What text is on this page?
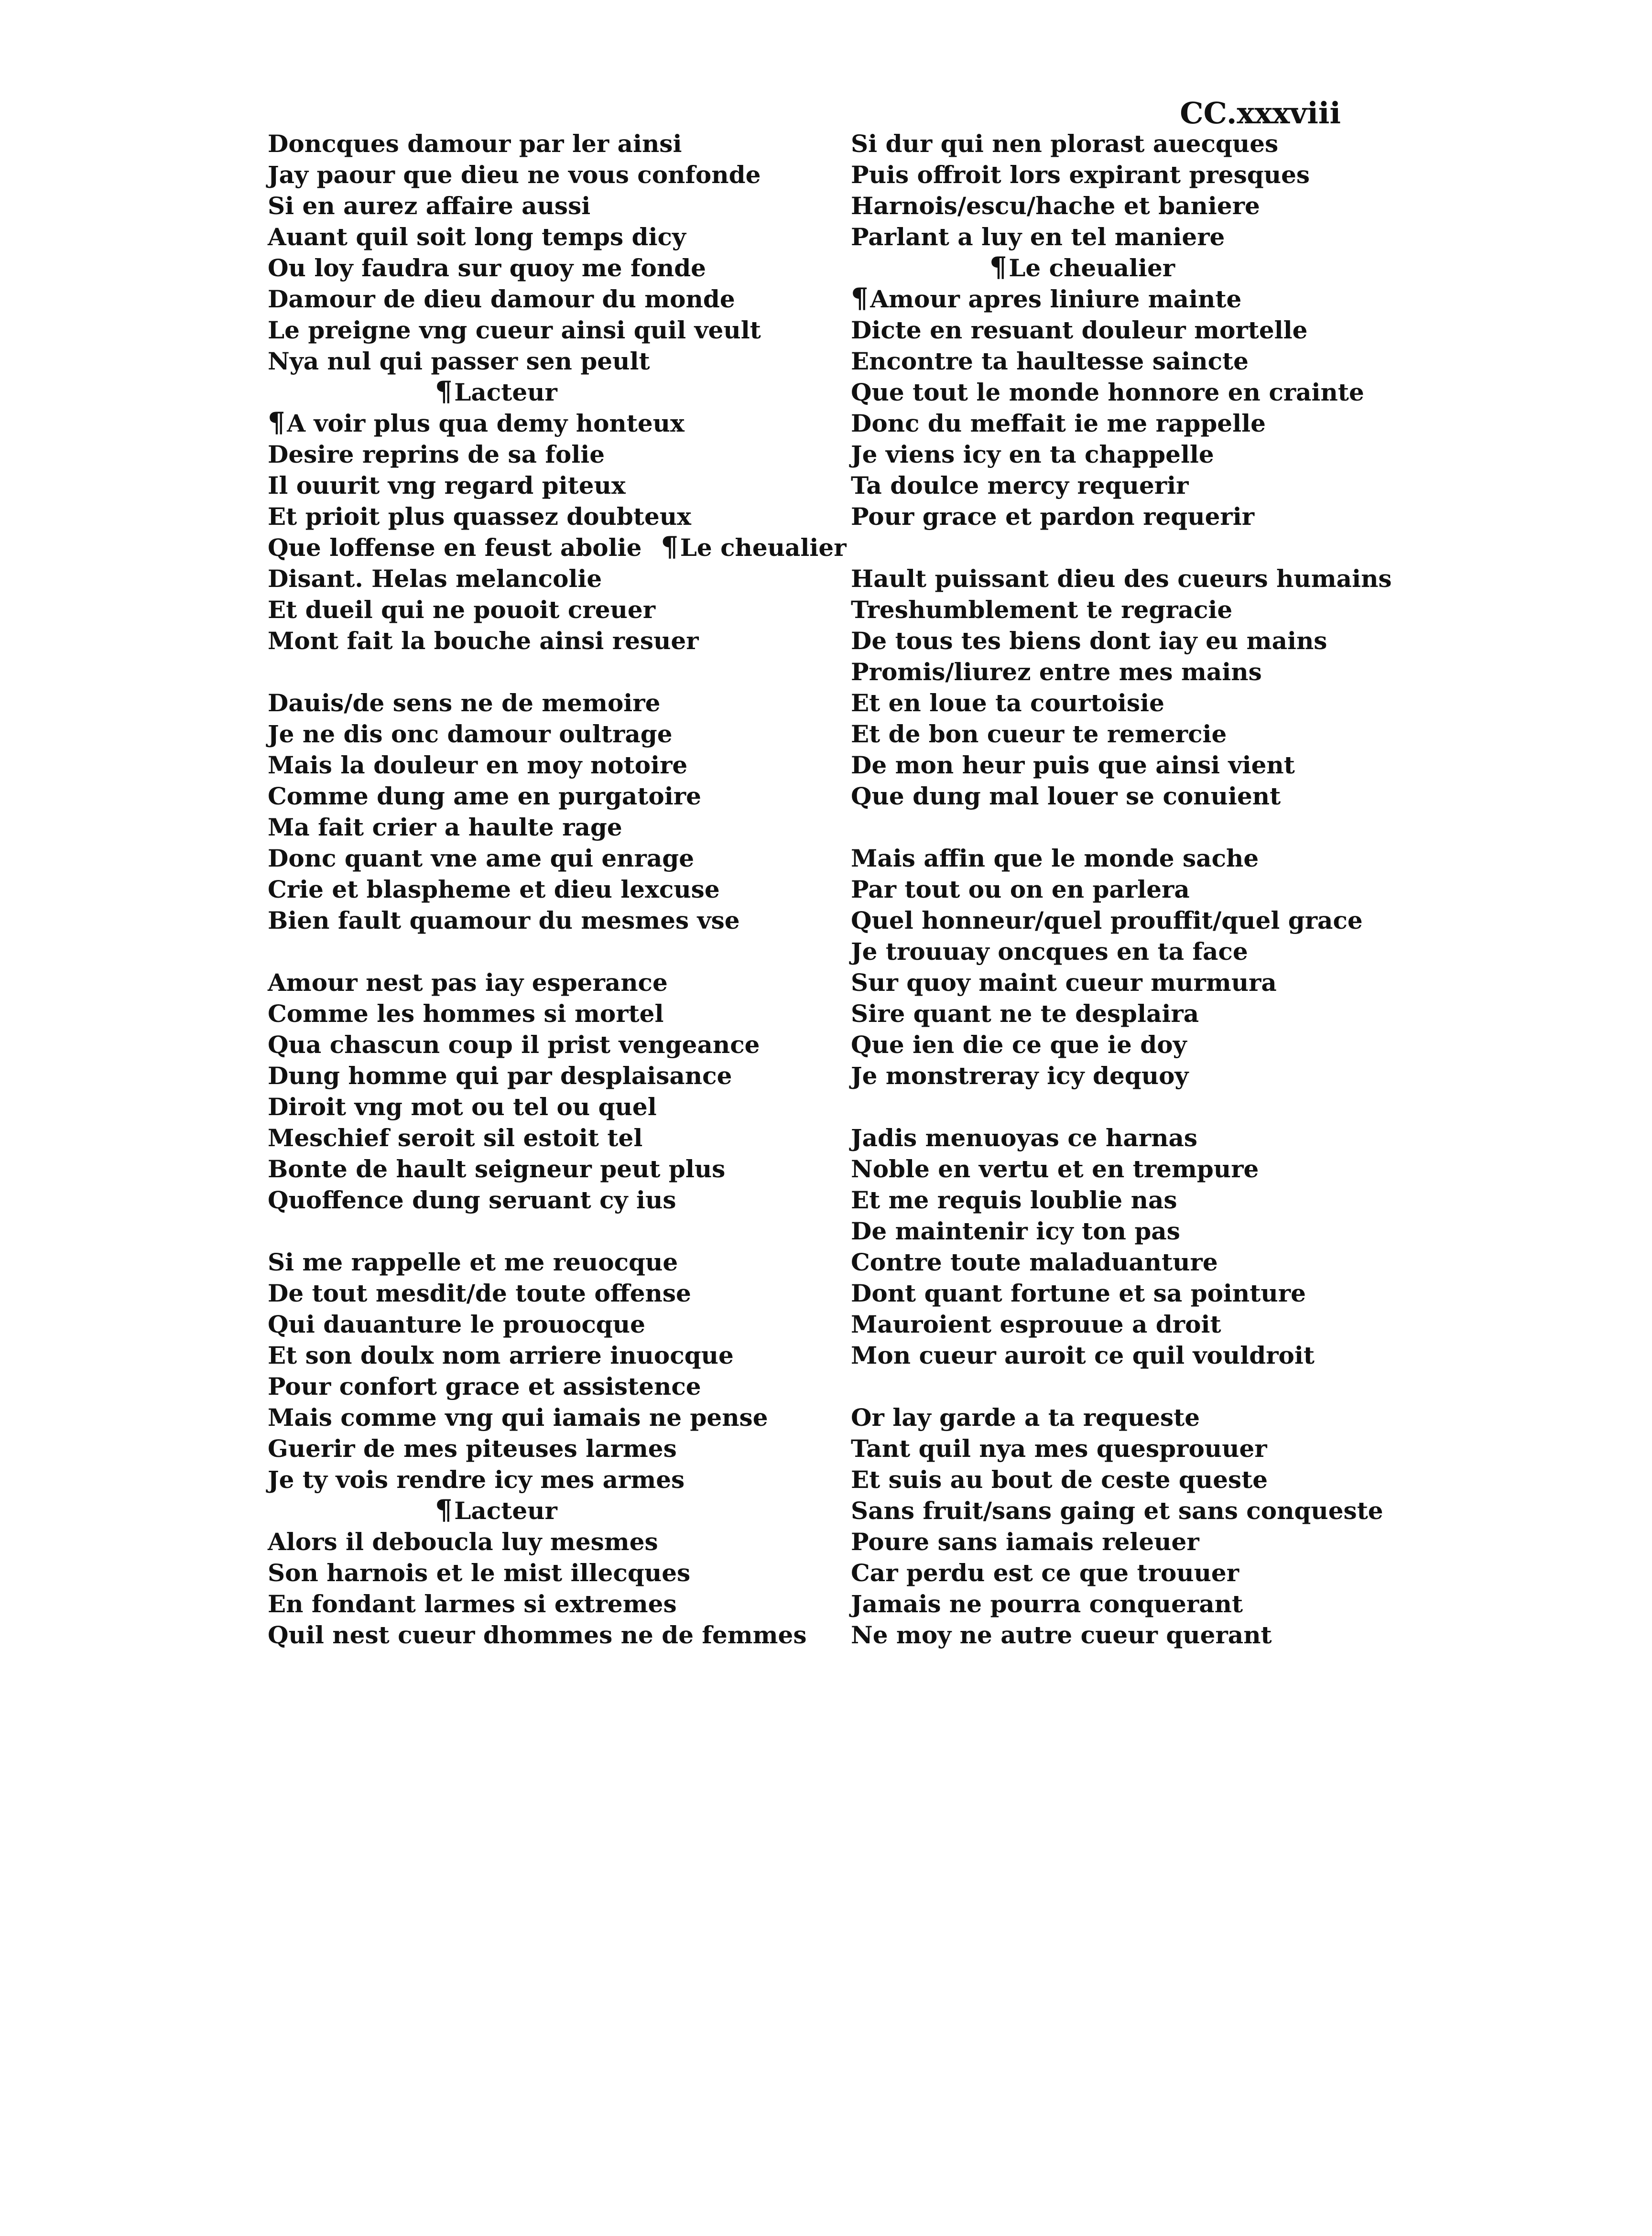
CC.xxxviii
Doncques damour par ler ainsi
Jay paour que dieu ne vous confonde
Si en aurez affaire aussi
Auant quil soit long temps dicy
Ou loy faudra sur quoy me fonde
Damour de dieu damour du monde
Le preigne vng cueur ainsi quil veult
Nya nul qui passer sen peult
¶Lacteur
¶A voir plus qua demy honteux
Desire reprins de sa folie
Il ouurit vng regard piteux
Et prioit plus quassez doubteux
Que loffense en feust abolie ¶Le cheualier
Disant. Helas melancolie
Et dueil qui ne pouoit creuer
Mont fait la bouche ainsi resuer
Dauis/de sens ne de memoire
Je ne dis onc damour oultrage
Mais la douleur en moy notoire
Comme dung ame en purgatoire
Ma fait crier a haulte rage
Donc quant vne ame qui enrage
Crie et blaspheme et dieu lexcuse
Bien fault quamour du mesmes vse
Amour nest pas iay esperance
Comme les hommes si mortel
Qua chascun coup il prist vengeance
Dung homme qui par desplaisance
Diroit vng mot ou tel ou quel
Meschief seroit sil estoit tel
Bonte de hault seigneur peut plus
Quoffence dung seruant cy ius
Si me rappelle et me reuocque
De tout mesdit/de toute offense
Qui dauanture le prouocque
Et son doulx nom arriere inuocque
Pour confort grace et assistence
Mais comme vng qui iamais ne pense
Guerir de mes piteuses larmes
Je ty vois rendre icy mes armes
¶Lacteur
Alors il deboucla luy mesmes
Son harnois et le mist illecques
En fondant larmes si extremes
Quil nest cueur dhommes ne de femmes
Si dur qui nen plorast auecques
Puis offroit lors expirant presques
Harnois/escu/hache et baniere
Parlant a luy en tel maniere
¶Le cheualier
¶Amour apres liniure mainte
Dicte en resuant douleur mortelle
Encontre ta haultesse saincte
Que tout le monde honnore en crainte
Donc du meffait ie me rappelle
Je viens icy en ta chappelle
Ta doulce mercy requerir
Pour grace et pardon requerir
Hault puissant dieu des cueurs humains
Treshumblement te regracie
De tous tes biens dont iay eu mains
Promis/liurez entre mes mains
Et en loue ta courtoisie
Et de bon cueur te remercie
De mon heur puis que ainsi vient
Que dung mal louer se conuient
Mais affin que le monde sache
Par tout ou on en parlera
Quel honneur/quel prouffit/quel grace
Je trouuay oncques en ta face
Sur quoy maint cueur murmura
Sire quant ne te desplaira
Que ien die ce que ie doy
Je monstreray icy dequoy
Jadis menuoyas ce harnas
Noble en vertu et en trempure
Et me requis loublie nas
De maintenir icy ton pas
Contre toute maladuanture
Dont quant fortune et sa pointure
Mauroient esprouue a droit
Mon cueur auroit ce quil vouldroit
Or lay garde a ta requeste
Tant quil nya mes quesprouuer
Et suis au bout de ceste queste
Sans fruit/sans gaing et sans conqueste
Poure sans iamais releuer
Car perdu est ce que trouuer
Jamais ne pourra conquerant
Ne moy ne autre cueur querant
